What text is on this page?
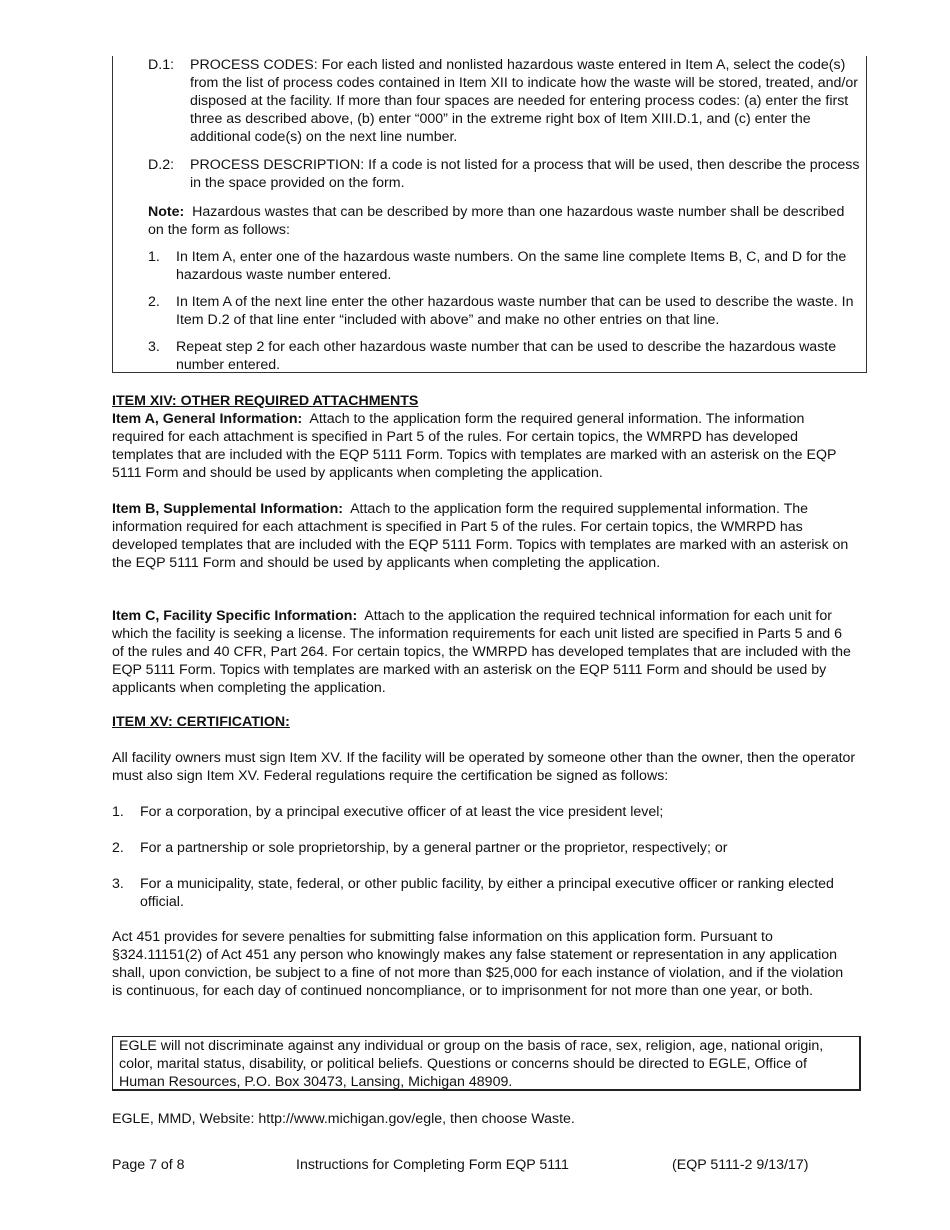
D.1:	PROCESS CODES: For each listed and nonlisted hazardous waste entered in Item A, select the code(s) from the list of process codes contained in Item XII to indicate how the waste will be stored, treated, and/or disposed at the facility. If more than four spaces are needed for entering process codes: (a) enter the first three as described above, (b) enter “000” in the extreme right box of Item XIII.D.1, and (c) enter the additional code(s) on the next line number.
D.2:	PROCESS DESCRIPTION: If a code is not listed for a process that will be used, then describe the process in the space provided on the form.

Note: Hazardous wastes that can be described by more than one hazardous waste number shall be described on the form as follows:

1.	In Item A, enter one of the hazardous waste numbers. On the same line complete Items B, C, and D for the hazardous waste number entered.
2.	In Item A of the next line enter the other hazardous waste number that can be used to describe the waste. In Item D.2 of that line enter “included with above” and make no other entries on that line.
3.	Repeat step 2 for each other hazardous waste number that can be used to describe the hazardous waste number entered.
ITEM XIV: OTHER REQUIRED ATTACHMENTS

Item A, General Information: Attach to the application form the required general information. The information required for each attachment is specified in Part 5 of the rules. For certain topics, the WMRPD has developed templates that are included with the EQP 5111 Form. Topics with templates are marked with an asterisk on the EQP 5111 Form and should be used by applicants when completing the application.

Item B, Supplemental Information: Attach to the application form the required supplemental information. The information required for each attachment is specified in Part 5 of the rules. For certain topics, the WMRPD has developed templates that are included with the EQP 5111 Form. Topics with templates are marked with an asterisk on the EQP 5111 Form and should be used by applicants when completing the application.

Item C, Facility Specific Information: Attach to the application the required technical information for each unit for which the facility is seeking a license. The information requirements for each unit listed are specified in Parts 5 and 6 of the rules and 40 CFR, Part 264. For certain topics, the WMRPD has developed templates that are included with the EQP 5111 Form. Topics with templates are marked with an asterisk on the EQP 5111 Form and should be used by applicants when completing the application.

ITEM XV: CERTIFICATION:

All facility owners must sign Item XV. If the facility will be operated by someone other than the owner, then the operator must also sign Item XV. Federal regulations require the certification be signed as follows:

1.	For a corporation, by a principal executive officer of at least the vice president level;
2.	For a partnership or sole proprietorship, by a general partner or the proprietor, respectively; or
3.	For a municipality, state, federal, or other public facility, by either a principal executive officer or ranking elected official.

Act 451 provides for severe penalties for submitting false information on this application form. Pursuant to §324.11151(2) of Act 451 any person who knowingly makes any false statement or representation in any application shall, upon conviction, be subject to a fine of not more than $25,000 for each instance of violation, and if the violation is continuous, for each day of continued noncompliance, or to imprisonment for not more than one year, or both.

EGLE will not discriminate against any individual or group on the basis of race, sex, religion, age, national origin, color, marital status, disability, or political beliefs. Questions or concerns should be directed to EGLE, Office of Human Resources, P.O. Box 30473, Lansing, Michigan 48909.
EGLE, MMD, Website: http://www.michigan.gov/egle, then choose Waste.
Page 7 of 8	Instructions for Completing Form EQP 5111	(EQP 5111-2 9/13/17)
